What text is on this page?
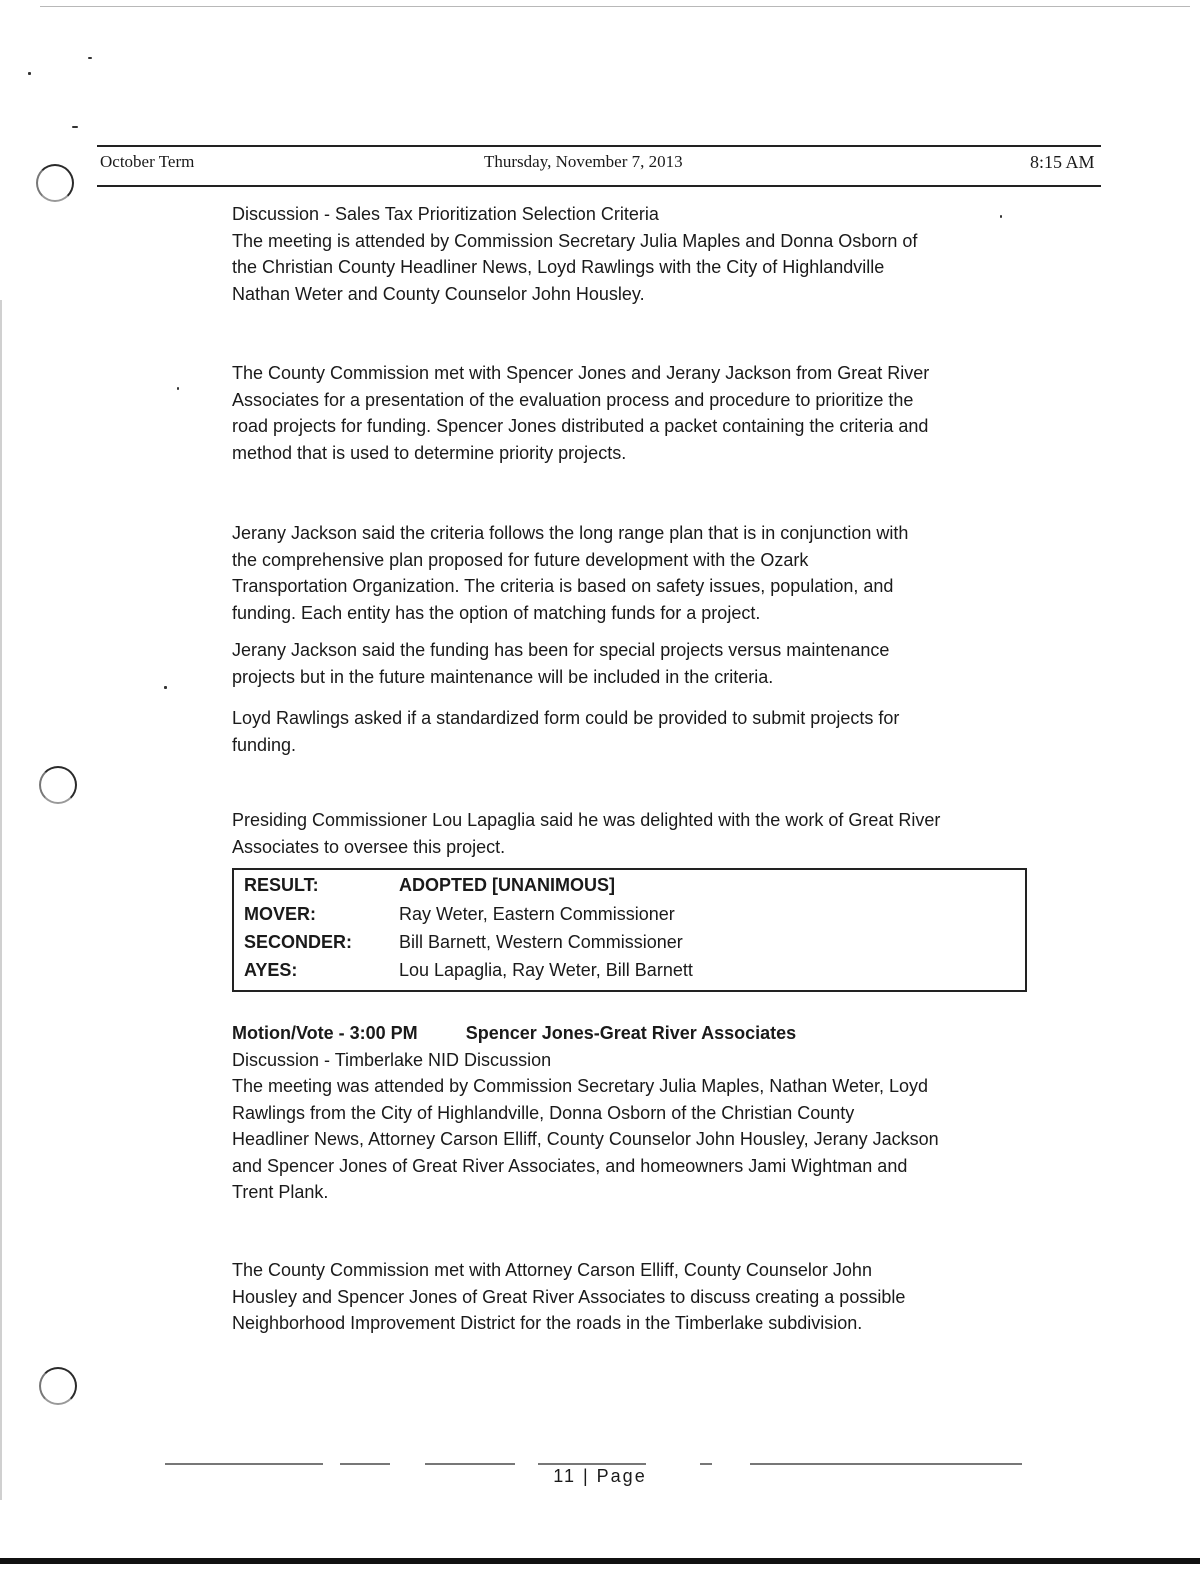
October Term	Thursday, November 7, 2013	8:15 AM

Discussion - Sales Tax Prioritization Selection Criteria

The meeting is attended by Commission Secretary Julia Maples and Donna Osborn of

the Christian County Headliner News, Loyd Rawlings with the City of Highlandville

Nathan Weter and County Counselor John Housley.

The County Commission met with Spencer Jones and Jerany Jackson from Great River

Associates for a presentation of the evaluation process and procedure to prioritize the

road projects for funding. Spencer Jones distributed a packet containing the criteria and

method that is used to determine priority projects.

Jerany Jackson said the criteria follows the long range plan that is in conjunction with

the comprehensive plan proposed for future development with the Ozark

Transportation Organization. The criteria is based on safety issues, population, and

funding. Each entity has the option of matching funds for a project.

Jerany Jackson said the funding has been for special projects versus maintenance

projects but in the future maintenance will be included in the criteria.

Loyd Rawlings asked if a standardized form could be provided to submit projects for

funding.

Presiding Commissioner Lou Lapaglia said he was delighted with the work of Great River

Associates to oversee this project.

RESULT:	ADOPTED [UNANIMOUS]
MOVER:	Ray Weter, Eastern Commissioner
SECONDER:	Bill Barnett, Western Commissioner
AYES:	Lou Lapaglia, Ray Weter, Bill Barnett

Motion/Vote - 3:00 PM	Spencer Jones-Great River Associates

Discussion - Timberlake NID Discussion

The meeting was attended by Commission Secretary Julia Maples, Nathan Weter, Loyd

Rawlings from the City of Highlandville, Donna Osborn of the Christian County

Headliner News, Attorney Carson Elliff, County Counselor John Housley, Jerany Jackson

and Spencer Jones of Great River Associates, and homeowners Jami Wightman and

Trent Plank.

The County Commission met with Attorney Carson Elliff, County Counselor John

Housley and Spencer Jones of Great River Associates to discuss creating a possible

Neighborhood Improvement District for the roads in the Timberlake subdivision.

11 | Page
